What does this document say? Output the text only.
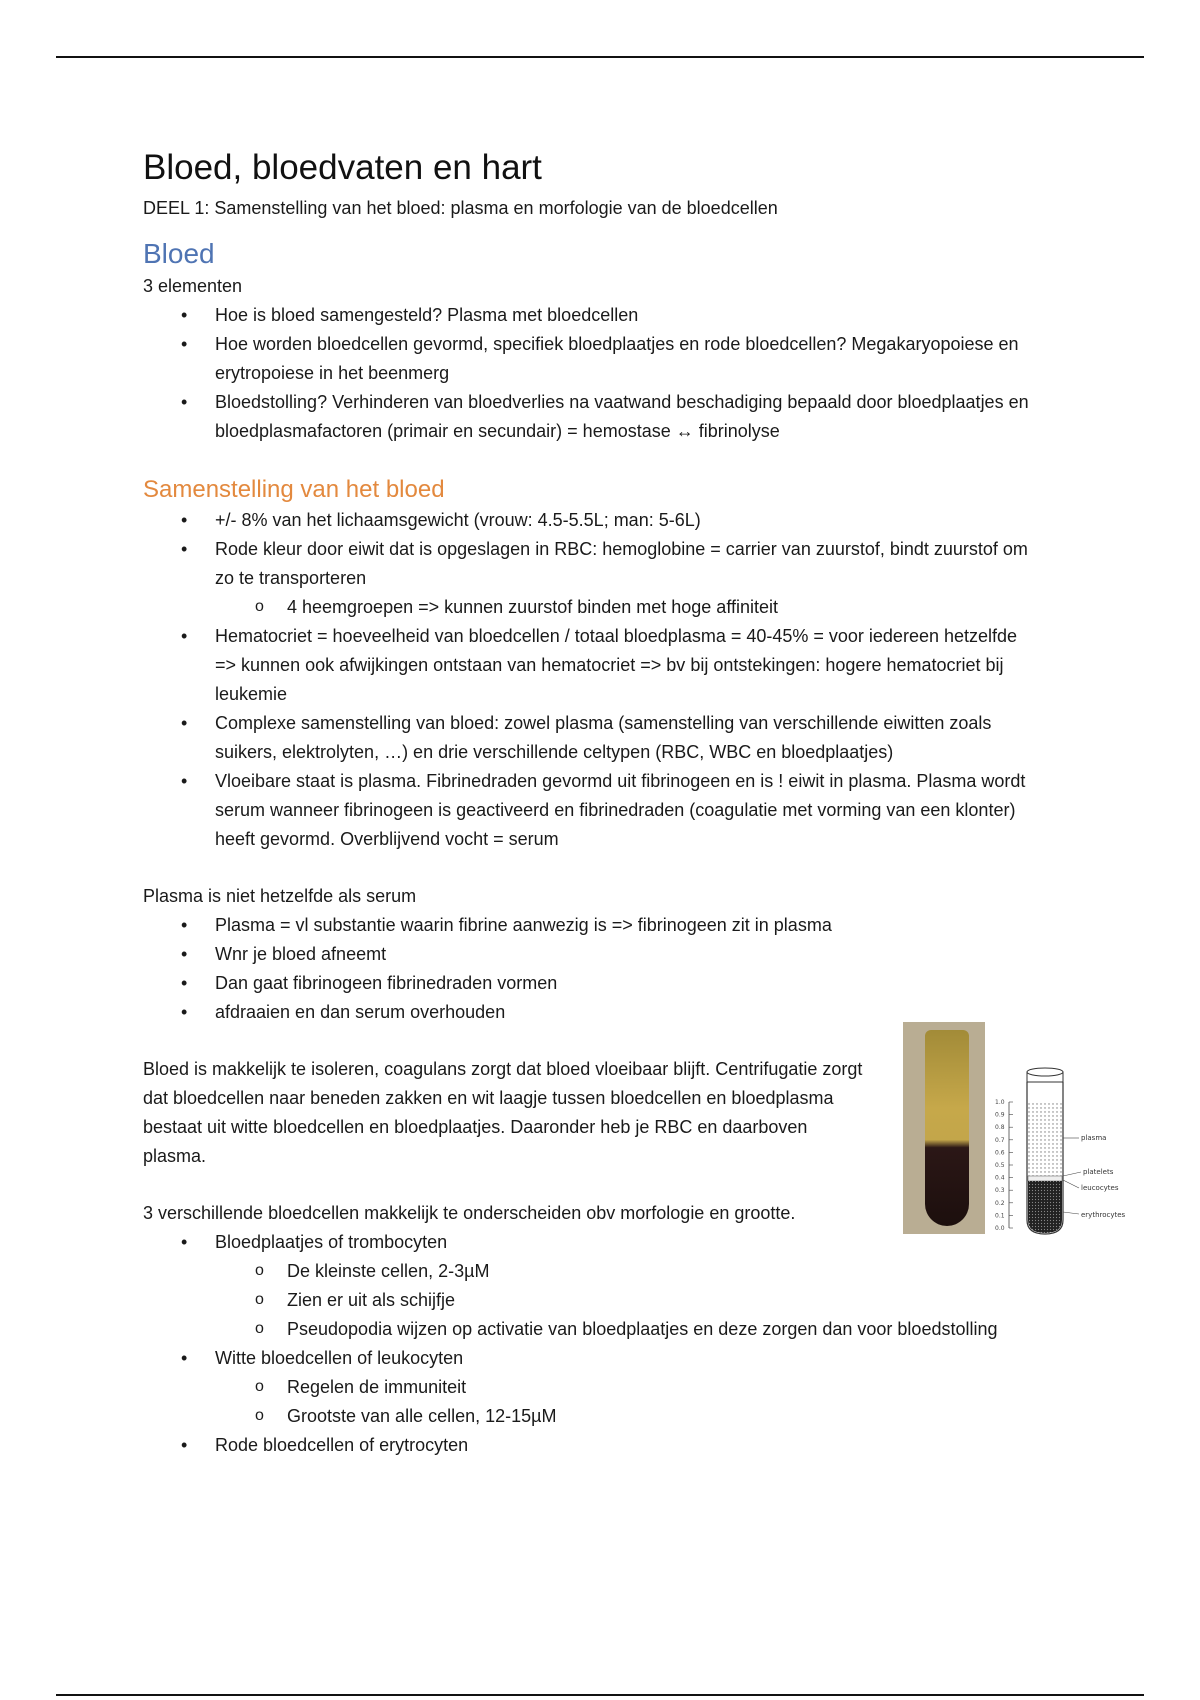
Bloed, bloedvaten en hart

DEEL 1: Samenstelling van het bloed: plasma en morfologie van de bloedcellen

Bloed

3 elementen

• Hoe is bloed samengesteld? Plasma met bloedcellen
• Hoe worden bloedcellen gevormd, specifiek bloedplaatjes en rode bloedcellen? Megakaryopoiese en erytropoiese in het beenmerg
• Bloedstolling? Verhinderen van bloedverlies na vaatwand beschadiging bepaald door bloedplaatjes en bloedplasmafactoren (primair en secundair) = hemostase ↔ fibrinolyse
Samenstelling van het bloed
• +/- 8% van het lichaamsgewicht (vrouw: 4.5-5.5L; man: 5-6L)
• Rode kleur door eiwit dat is opgeslagen in RBC: hemoglobine = carrier van zuurstof, bindt zuurstof om zo te transporteren
o 4 heemgroepen => kunnen zuurstof binden met hoge affiniteit
• Hematocriet = hoeveelheid van bloedcellen / totaal bloedplasma = 40-45% = voor iedereen hetzelfde => kunnen ook afwijkingen ontstaan van hematocriet => bv bij ontstekingen: hogere hematocriet bij leukemie
• Complexe samenstelling van bloed: zowel plasma (samenstelling van verschillende eiwitten zoals suikers, elektrolyten, …) en drie verschillende celtypen (RBC, WBC en bloedplaatjes)
• Vloeibare staat is plasma. Fibrinedraden gevormd uit fibrinogeen en is ! eiwit in plasma. Plasma wordt serum wanneer fibrinogeen is geactiveerd en fibrinedraden (coagulatie met vorming van een klonter) heeft gevormd. Overblijvend vocht = serum

Plasma is niet hetzelfde als serum

• Plasma = vl substantie waarin fibrine aanwezig is => fibrinogeen zit in plasma
• Wnr je bloed afneemt
• Dan gaat fibrinogeen fibrinedraden vormen
• afdraaien en dan serum overhouden

Bloed is makkelijk te isoleren, coagulans zorgt dat bloed vloeibaar blijft. Centrifugatie zorgt dat bloedcellen naar beneden zakken en wit laagje tussen bloedcellen en bloedplasma bestaat uit witte bloedcellen en bloedplaatjes. Daaronder heb je RBC en daarboven plasma.

3 verschillende bloedcellen makkelijk te onderscheiden obv morfologie en grootte.

• Bloedplaatjes of trombocyten
o De kleinste cellen, 2-3µM
o Zien er uit als schijfje
o Pseudopodia wijzen op activatie van bloedplaatjes en deze zorgen dan voor bloedstolling
• Witte bloedcellen of leukocyten
o Regelen de immuniteit
o Grootste van alle cellen, 12-15µM
• Rode bloedcellen of erytrocyten
1.0
0.9
0.8
0.7
0.6
0.5
0.4
0.3
0.2
0.1
0.0
plasma
platelets
leucocytes
erythrocytes
